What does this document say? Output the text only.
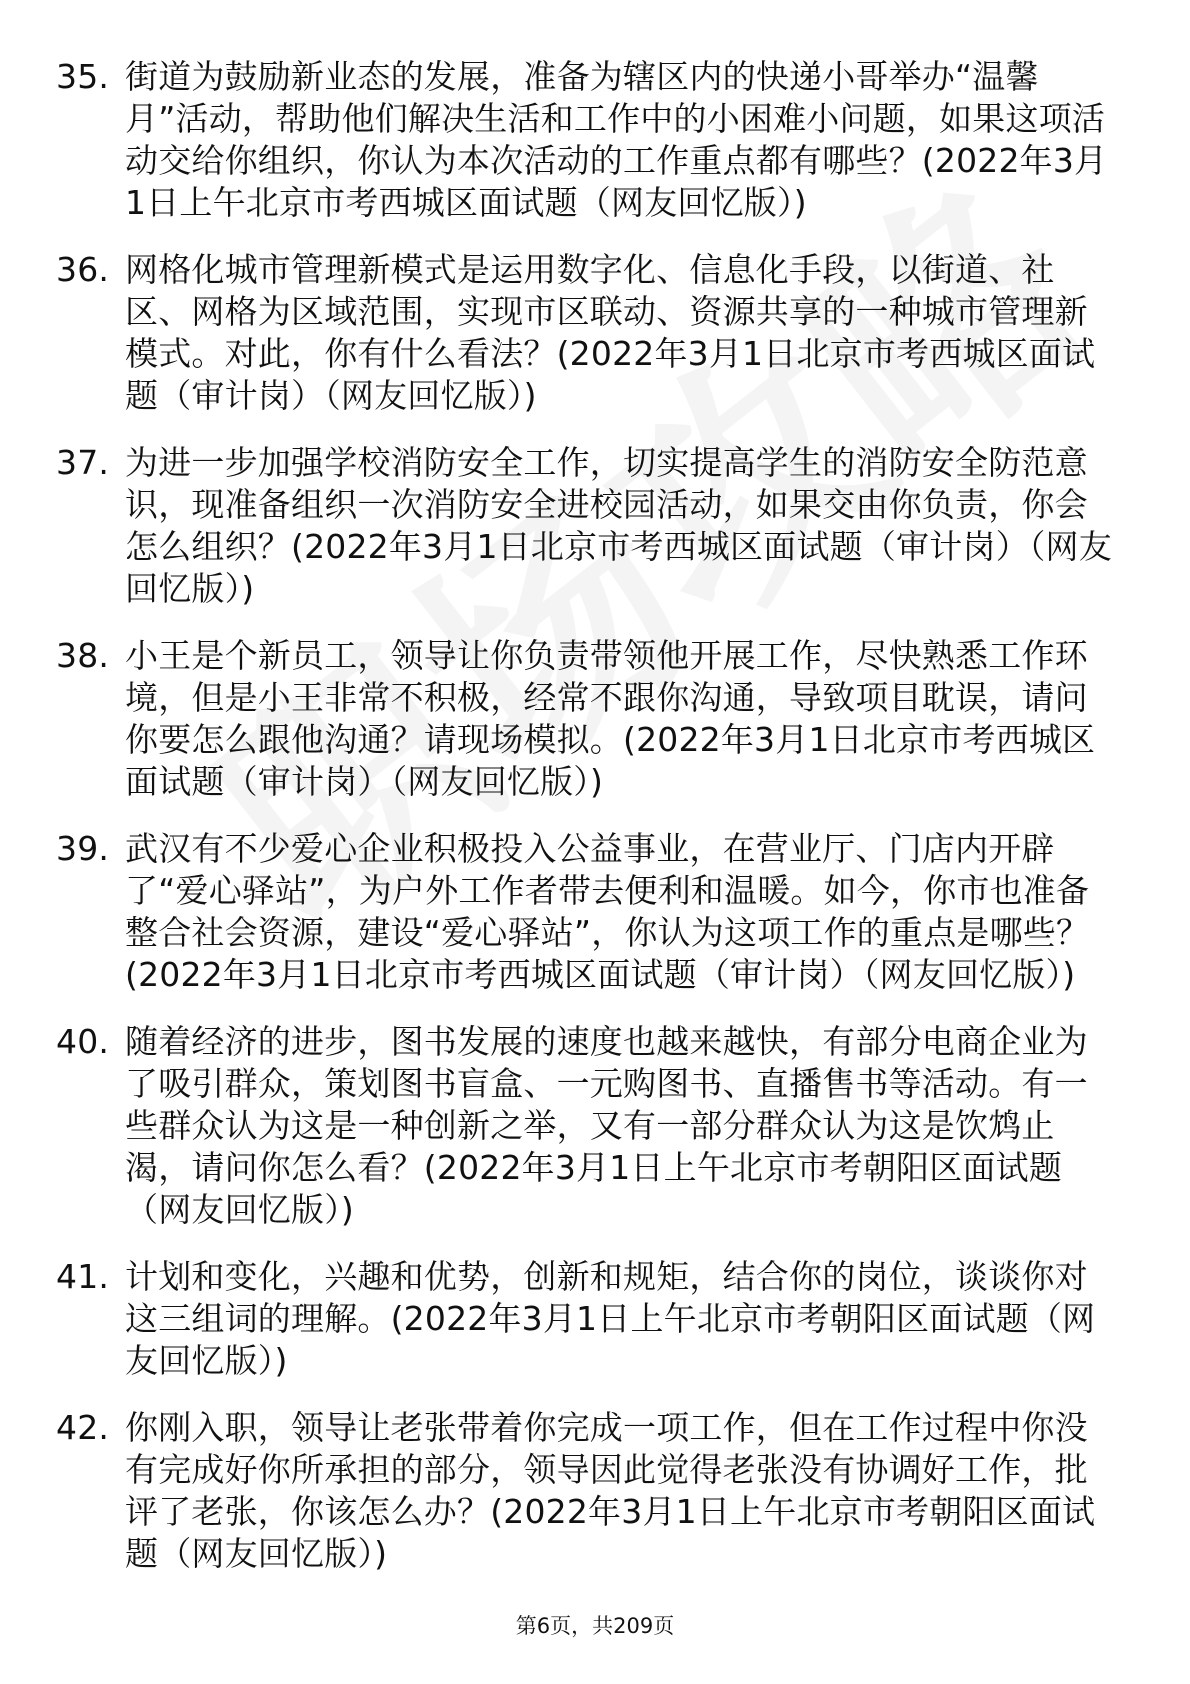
35. 街道为鼓励新业态的发展，准备为辖区内的快递小哥举办“温馨月”活动，帮助他们解决生活和工作中的小困难小问题，如果这项活动交给你组织，你认为本次活动的工作重点都有哪些？(2022年3月1日上午北京市考西城区面试题（网友回忆版）)
36. 网格化城市管理新模式是运用数字化、信息化手段，以街道、社区、网格为区域范围，实现市区联动、资源共享的一种城市管理新模式。对此，你有什么看法？(2022年3月1日北京市考西城区面试题（审计岗）（网友回忆版）)
37. 为进一步加强学校消防安全工作，切实提高学生的消防安全防范意识，现准备组织一次消防安全进校园活动，如果交由你负责，你会怎么组织？(2022年3月1日北京市考西城区面试题（审计岗）（网友回忆版）)
38. 小王是个新员工，领导让你负责带领他开展工作，尽快熟悉工作环境，但是小王非常不积极，经常不跟你沟通，导致项目耽误，请问你要怎么跟他沟通？请现场模拟。(2022年3月1日北京市考西城区面试题（审计岗）（网友回忆版）)
39. 武汉有不少爱心企业积极投入公益事业，在营业厅、门店内开辟了“爱心驿站”，为户外工作者带去便利和温暖。如今，你市也准备整合社会资源，建设“爱心驿站”，你认为这项工作的重点是哪些？(2022年3月1日北京市考西城区面试题（审计岗）（网友回忆版）)
40. 随着经济的进步，图书发展的速度也越来越快，有部分电商企业为了吸引群众，策划图书盲盒、一元购图书、直播售书等活动。有一些群众认为这是一种创新之举，又有一部分群众认为这是饮鸩止渴，请问你怎么看？(2022年3月1日上午北京市考朝阳区面试题（网友回忆版）)
41. 计划和变化，兴趣和优势，创新和规矩，结合你的岗位，谈谈你对这三组词的理解。(2022年3月1日上午北京市考朝阳区面试题（网友回忆版）)
42. 你刚入职，领导让老张带着你完成一项工作，但在工作过程中你没有完成好你所承担的部分，领导因此觉得老张没有协调好工作，批评了老张，你该怎么办？(2022年3月1日上午北京市考朝阳区面试题（网友回忆版）)
第6页，共209页
